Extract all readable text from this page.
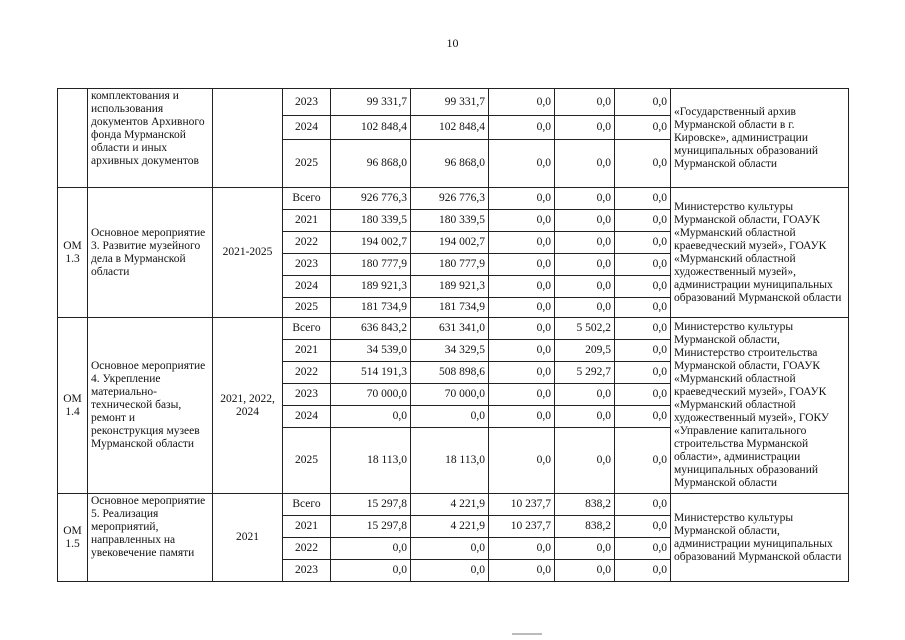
10
	комплектования и использования документов Архивного фонда Мурманской области и иных архивных документов		2023	99 331,7	99 331,7	0,0	0,0	0,0	«Государственный архив Мурманской области в г. Кировске», администрации муниципальных образований Мурманской области
			2024	102 848,4	102 848,4	0,0	0,0	0,0	
			2025	96 868,0	96 868,0	0,0	0,0	0,0	
ОМ 1.3	Основное мероприятие 3. Развитие музейного дела в Мурманской области	2021-2025	Всего	926 776,3	926 776,3	0,0	0,0	0,0	Министерство культуры Мурманской области, ГОАУК «Мурманский областной краеведческий музей», ГОАУК «Мурманский областной художественный музей», администрации муниципальных образований Мурманской области
			2021	180 339,5	180 339,5	0,0	0,0	0,0	
			2022	194 002,7	194 002,7	0,0	0,0	0,0	
			2023	180 777,9	180 777,9	0,0	0,0	0,0	
			2024	189 921,3	189 921,3	0,0	0,0	0,0	
			2025	181 734,9	181 734,9	0,0	0,0	0,0	
ОМ 1.4	Основное мероприятие 4. Укрепление материально-технической базы, ремонт и реконструкция музеев Мурманской области	2021, 2022, 2024	Всего	636 843,2	631 341,0	0,0	5 502,2	0,0	Министерство культуры Мурманской области, Министерство строительства Мурманской области, ГОАУК «Мурманский областной краеведческий музей», ГОАУК «Мурманский областной художественный музей», ГОКУ «Управление капитального строительства Мурманской области», администрации муниципальных образований Мурманской области
			2021	34 539,0	34 329,5	0,0	209,5	0,0	
			2022	514 191,3	508 898,6	0,0	5 292,7	0,0	
			2023	70 000,0	70 000,0	0,0	0,0	0,0	
			2024	0,0	0,0	0,0	0,0	0,0	
			2025	18 113,0	18 113,0	0,0	0,0	0,0	
ОМ 1.5	Основное мероприятие 5. Реализация мероприятий, направленных на увековечение памяти	2021	Всего	15 297,8	4 221,9	10 237,7	838,2	0,0	Министерство культуры Мурманской области, администрации муниципальных образований Мурманской области
			2021	15 297,8	4 221,9	10 237,7	838,2	0,0	
			2022	0,0	0,0	0,0	0,0	0,0	
			2023	0,0	0,0	0,0	0,0	0,0	
